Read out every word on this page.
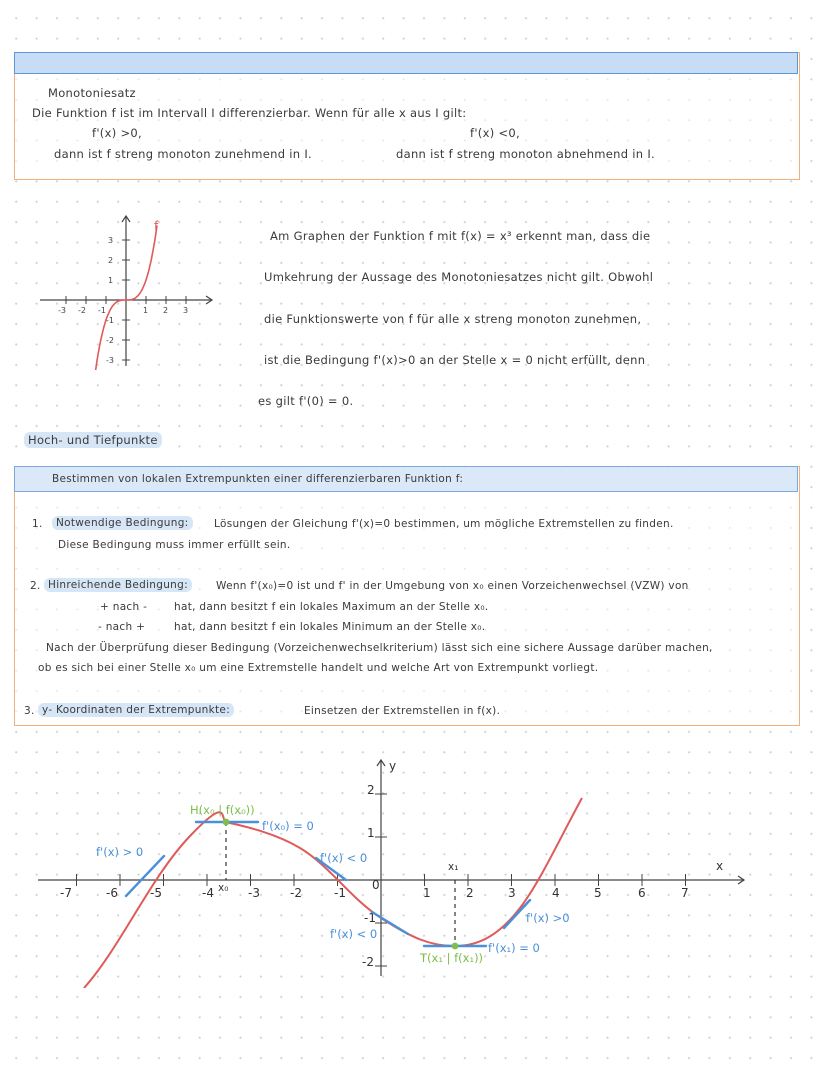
Monotoniesatz
Die Funktion f ist im Intervall I differenzierbar. Wenn für alle x aus I gilt:
f'(x) >0,	f'(x) <0,
dann ist f streng monoton zunehmend in I.	dann ist f streng monoton abnehmend in I.
-3 -2 -1	1 2 3
3
2
1
-1
-2
-3
f
Am Graphen der Funktion f mit f(x) = x³ erkennt man, dass die
Umkehrung der Aussage des Monotoniesatzes nicht gilt. Obwohl
die Funktionswerte von f für alle x streng monoton zunehmen,
ist die Bedingung f'(x)>0 an der Stelle x = 0 nicht erfüllt, denn
es gilt f'(0) = 0.
Hoch- und Tiefpunkte
Bestimmen von lokalen Extrempunkten einer differenzierbaren Funktion f:
1.	Notwendige Bedingung:	Lösungen der Gleichung f'(x)=0 bestimmen, um mögliche Extremstellen zu finden.
Diese Bedingung muss immer erfüllt sein.
2. Hinreichende Bedingung:	Wenn f'(x₀)=0 ist und f' in der Umgebung von x₀ einen Vorzeichenwechsel (VZW) von
+ nach -	hat, dann besitzt f ein lokales Maximum an der Stelle x₀.
- nach +	hat, dann besitzt f ein lokales Minimum an der Stelle x₀.
Nach der Überprüfung dieser Bedingung (Vorzeichenwechselkriterium) lässt sich eine sichere Aussage darüber machen,
ob es sich bei einer Stelle x₀ um eine Extremstelle handelt und welche Art von Extrempunkt vorliegt.
3. y- Koordinaten der Extrempunkte:	Einsetzen der Extremstellen in f(x).
-7	-6	-5	-4	-3	-2	-1	1	2	3	4	5	6	7
2
1
-1
-2
0
x
y
H(x₀ | f(x₀))
T(x₁ | f(x₁))
f'(x₀) = 0
f'(x₁) = 0
f'(x) > 0	f'(x) < 0
f'(x) < 0
f'(x) >0
x₀
x₁
